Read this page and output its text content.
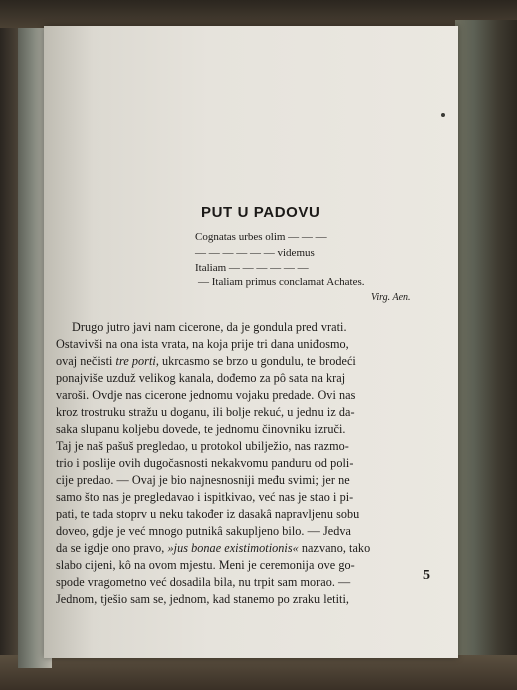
PUT U PADOVU
Cognatas urbes olim — — —
— — — — — — videmus
Italiam — — — — — —
— Italiam primus conclamat Achates.
Virg. Aen.
Drugo jutro javi nam cicerone, da je gondula pred vrati.
Ostavivši na ona ista vrata, na koja prije tri dana uniđosmo,
ovaj nečisti tre porti, ukrcasmo se brzo u gondulu, te brodeći
ponajviše uzduž velikog kanala, dođemo za pô sata na kraj
varoši. Ovdje nas cicerone jednomu vojaku predade. Ovi nas
kroz trostruku stražu u doganu, ili bolje rekuć, u jednu iz da-
saka slupanu koljebu dovede, te jednomu činovniku izruči.
Taj je naš pašuš pregledao, u protokol ubilježio, nas razmo-
trio i poslije ovih dugočasnosti nekakvomu panduru od poli-
cije predao. — Ovaj je bio najnesnosniji među svimi; jer ne
samo što nas je pregledavao i ispitkivao, već nas je stao i pi-
pati, te tada stoprv u neku također iz dasakâ napravljenu sobu
doveo, gdje je već mnogo putnikâ sakupljeno bilo. — Jedva
da se igdje ono pravo, »jus bonae existimotionis« nazvano, tako
slabo cijeni, kô na ovom mjestu. Meni je ceremonija ove go-
spode vragometno već dosadila bila, nu trpit sam morao. —
Jednom, tješio sam se, jednom, kad stanemo po zraku letiti,
5
